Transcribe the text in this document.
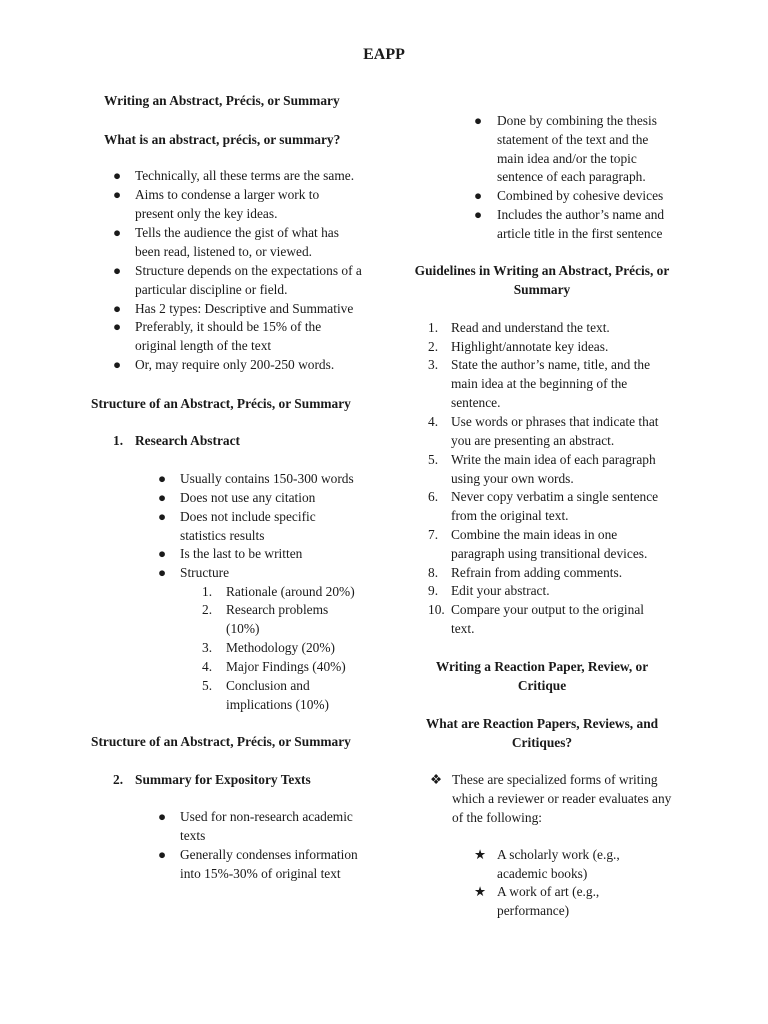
EAPP
Writing an Abstract, Précis, or Summary
What is an abstract, précis, or summary?
● Technically, all these terms are the same.
● Aims to condense a larger work to present only the key ideas.
● Tells the audience the gist of what has been read, listened to, or viewed.
● Structure depends on the expectations of a particular discipline or field.
● Has 2 types: Descriptive and Summative
● Preferably, it should be 15% of the original length of the text
● Or, may require only 200-250 words.
Structure of an Abstract, Précis, or Summary
1. Research Abstract
● Usually contains 150-300 words
● Does not use any citation
● Does not include specific statistics results
● Is the last to be written
● Structure
1. Rationale (around 20%)
2. Research problems (10%)
3. Methodology (20%)
4. Major Findings (40%)
5. Conclusion and implications (10%)
Structure of an Abstract, Précis, or Summary
2. Summary for Expository Texts
● Used for non-research academic texts
● Generally condenses information into 15%-30% of original text
● Done by combining the thesis statement of the text and the main idea and/or the topic sentence of each paragraph.
● Combined by cohesive devices
● Includes the author’s name and article title in the first sentence
Guidelines in Writing an Abstract, Précis, or Summary
1. Read and understand the text.
2. Highlight/annotate key ideas.
3. State the author’s name, title, and the main idea at the beginning of the sentence.
4. Use words or phrases that indicate that you are presenting an abstract.
5. Write the main idea of each paragraph using your own words.
6. Never copy verbatim a single sentence from the original text.
7. Combine the main ideas in one paragraph using transitional devices.
8. Refrain from adding comments.
9. Edit your abstract.
10. Compare your output to the original text.
Writing a Reaction Paper, Review, or Critique
What are Reaction Papers, Reviews, and Critiques?
❖ These are specialized forms of writing which a reviewer or reader evaluates any of the following:
★ A scholarly work (e.g., academic books)
★ A work of art (e.g., performance)
